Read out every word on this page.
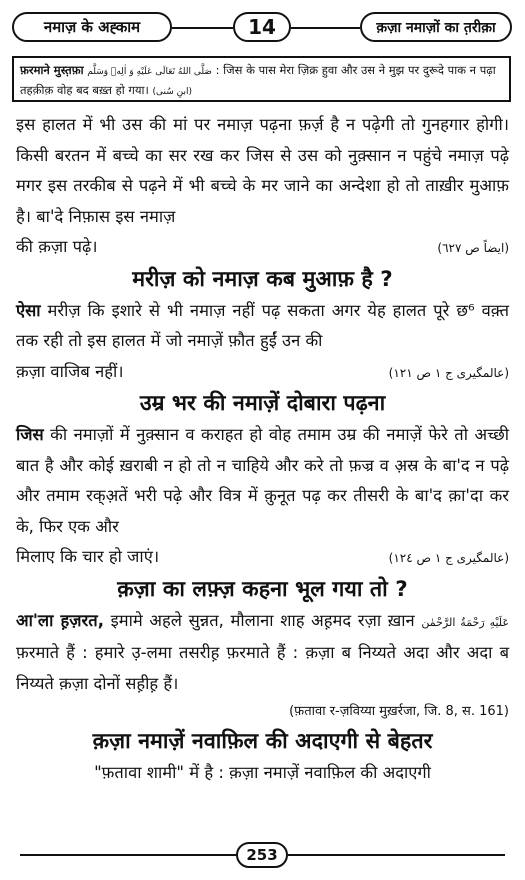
नमाज़ के अह्काम	14	क़ज़ा नमाज़ों का त़रीक़ा
फ़रमाने मुस्त़फ़ा صَلَّى اللهُ تَعَالَى عَلَيْهِ وَ اٰلِهٖ وَسَلَّم : जिस के पास मेरा ज़िक्र हुवा और उस ने मुझ पर दुरूदे पाक न पढ़ा तहक़ीक़ वोह बद बख़्त हो गया। (ابنِ سُنی)

इस हालत में भी उस की मां पर नमाज़ पढ़ना फ़र्ज़ है न पढ़ेगी तो गुनहगार होगी। किसी बरतन में बच्चे का सर रख कर जिस से उस को नुक़्सान न पहुंचे नमाज़ पढ़े मगर इस तरकीब से पढ़ने में भी बच्चे के मर जाने का अन्देशा हो तो ताख़ीर मुआफ़ है। बा'दे निफ़ास इस नमाज़

की क़ज़ा पढ़े।	(ایضاً ص ٦٢٧)

मरीज़ को नमाज़ कब मुआफ़ है ?

ऐसा मरीज़ कि इशारे से भी नमाज़ नहीं पढ़ सकता अगर येह हालत पूरे छ⁶ वक़्त तक रही तो इस हालत में जो नमाज़ें फ़ौत हुईं उन की

क़ज़ा वाजिब नहीं।	(عالمگیری ج ١ ص ١٢١)

उम्र भर की नमाज़ें दोबारा पढ़ना

जिस की नमाज़ों में नुक़्सान व कराहत हो वोह तमाम उम्र की नमाज़ें फेरे तो अच्छी बात है और कोई ख़राबी न हो तो न चाहिये और करे तो फ़ज्र व अ़स्र के बा'द न पढ़े और तमाम रक्अ़तें भरी पढ़े और वित्र में क़ुनूत पढ़ कर तीसरी के बा'द क़ा'दा कर के, फिर एक और

मिलाए कि चार हो जाएं।	(عالمگیری ج ١ ص ١٢٤)

क़ज़ा का लफ़्ज़ कहना भूल गया तो ?

आ'ला ह़ज़रत, इमामे अहले सुन्नत, मौलाना शाह अह़मद रज़ा ख़ान عَلَيْهِ رَحْمَةُ الرَّحْمٰن फ़रमाते हैं : हमारे उ़-लमा तसरीह़ फ़रमाते हैं : क़ज़ा ब निय्यते अदा और अदा ब निय्यते क़ज़ा दोनों सह़ीह़ हैं।

(फ़तावा र-ज़विय्या मुख़र्रजा, जि. 8, स. 161)

क़ज़ा नमाज़ें नवाफ़िल की अदाएगी से बेहतर

"फ़तावा शामी" में है : क़ज़ा नमाज़ें नवाफ़िल की अदाएगी

253
